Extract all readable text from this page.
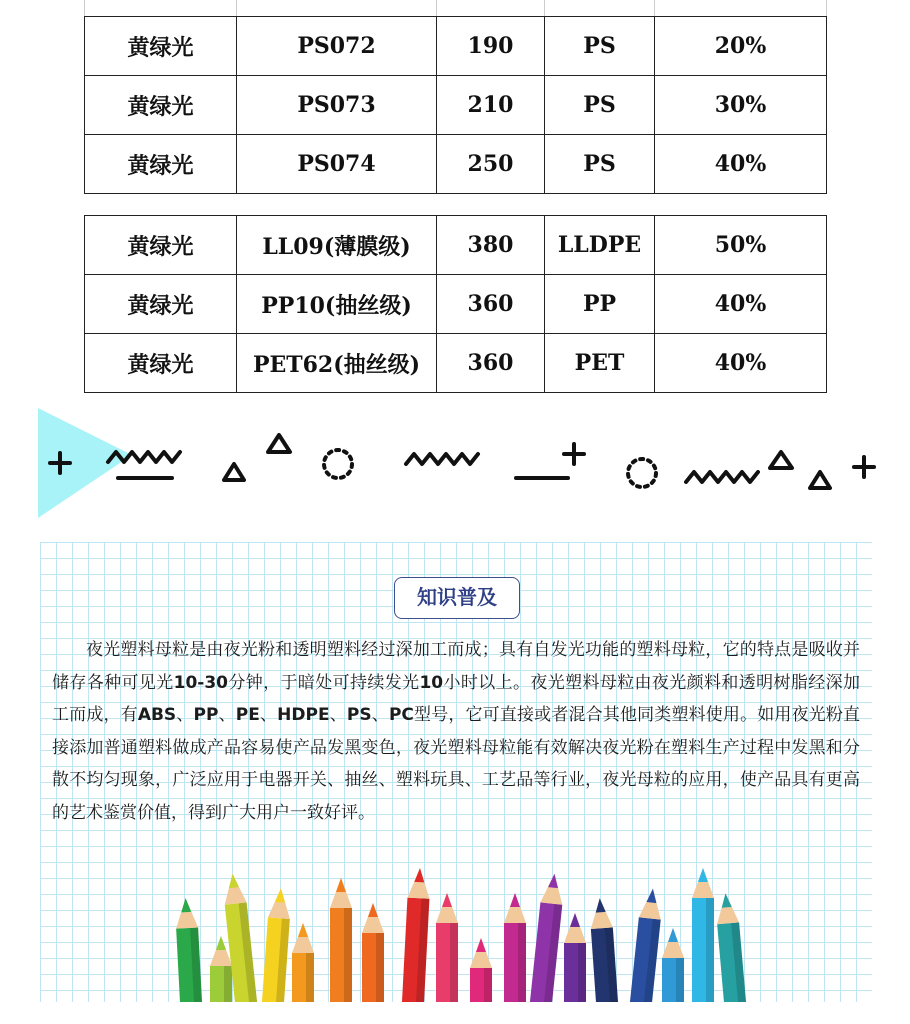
黄绿光	PS072	190	PS	20%
黄绿光	PS073	210	PS	30%
黄绿光	PS074	250	PS	40%
黄绿光	LL09(薄膜级)	380	LLDPE	50%
黄绿光	PP10(抽丝级)	360	PP	40%
黄绿光	PET62(抽丝级)	360	PET	40%
知识普及

夜光塑料母粒是由夜光粉和透明塑料经过深加工而成；具有自发光功能的塑料母粒，它的特点是吸收并储存各种可见光10-30分钟，于暗处可持续发光10小时以上。夜光塑料母粒由夜光颜料和透明树脂经深加工而成，有ABS、PP、PE、HDPE、PS、PC型号，它可直接或者混合其他同类塑料使用。如用夜光粉直接添加普通塑料做成产品容易使产品发黑变色，夜光塑料母粒能有效解决夜光粉在塑料生产过程中发黑和分散不均匀现象，广泛应用于电器开关、抽丝、塑料玩具、工艺品等行业，夜光母粒的应用，使产品具有更高的艺术鉴赏价值，得到广大用户一致好评。
